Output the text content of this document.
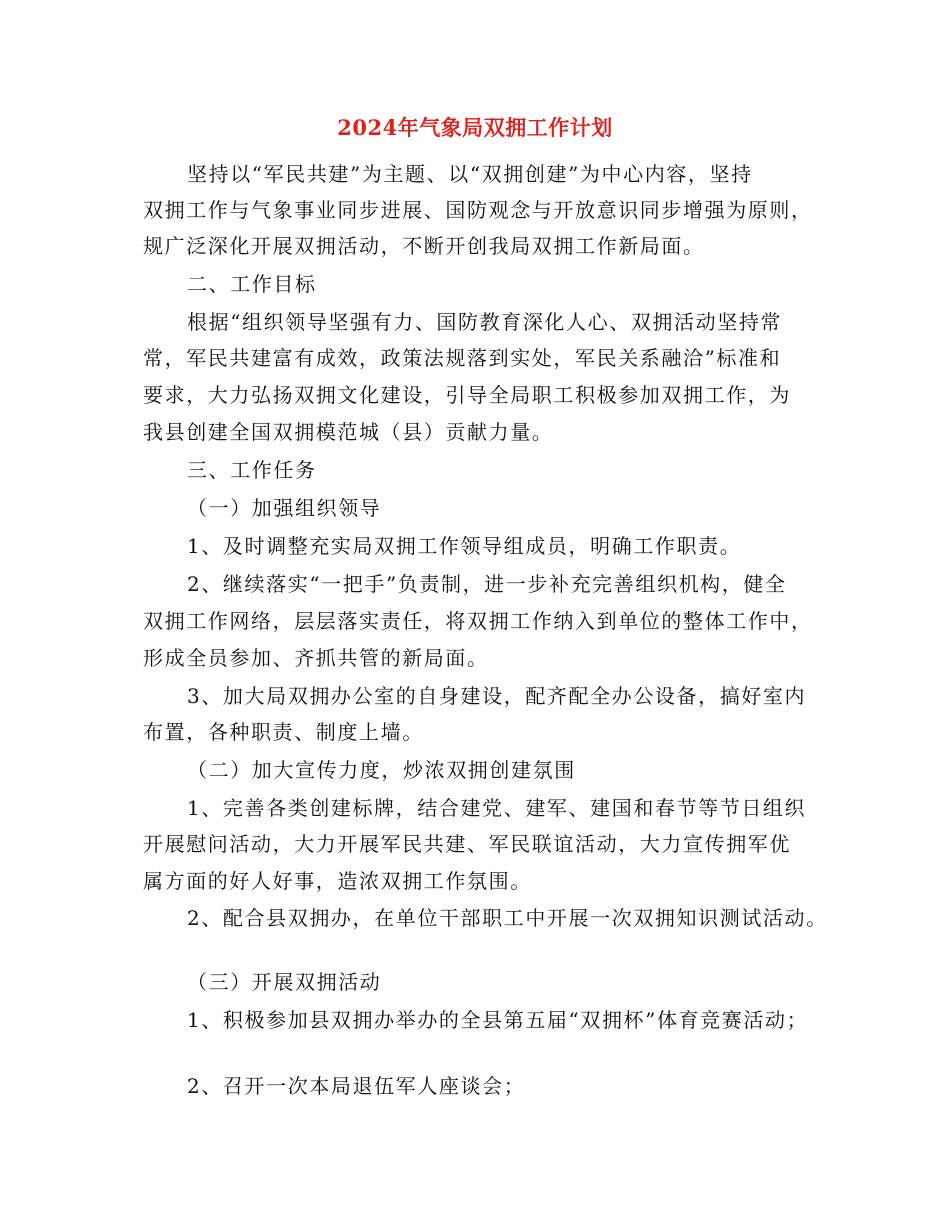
2024年气象局双拥工作计划
坚持以“军民共建”为主题、以“双拥创建”为中心内容，坚持
双拥工作与气象事业同步进展、国防观念与开放意识同步增强为原则，
规广泛深化开展双拥活动，不断开创我局双拥工作新局面。
二、工作目标
根据“组织领导坚强有力、国防教育深化人心、双拥活动坚持常
常，军民共建富有成效，政策法规落到实处，军民关系融洽”标准和
要求，大力弘扬双拥文化建设，引导全局职工积极参加双拥工作，为
我县创建全国双拥模范城（县）贡献力量。
三、工作任务
（一）加强组织领导
1、及时调整充实局双拥工作领导组成员，明确工作职责。
2、继续落实“一把手”负责制，进一步补充完善组织机构，健全
双拥工作网络，层层落实责任，将双拥工作纳入到单位的整体工作中，
形成全员参加、齐抓共管的新局面。
3、加大局双拥办公室的自身建设，配齐配全办公设备，搞好室内
布置，各种职责、制度上墙。
（二）加大宣传力度，炒浓双拥创建氛围
1、完善各类创建标牌，结合建党、建军、建国和春节等节日组织
开展慰问活动，大力开展军民共建、军民联谊活动，大力宣传拥军优
属方面的好人好事，造浓双拥工作氛围。
2、配合县双拥办，在单位干部职工中开展一次双拥知识测试活动。
（三）开展双拥活动
1、积极参加县双拥办举办的全县第五届“双拥杯”体育竞赛活动；
2、召开一次本局退伍军人座谈会；
